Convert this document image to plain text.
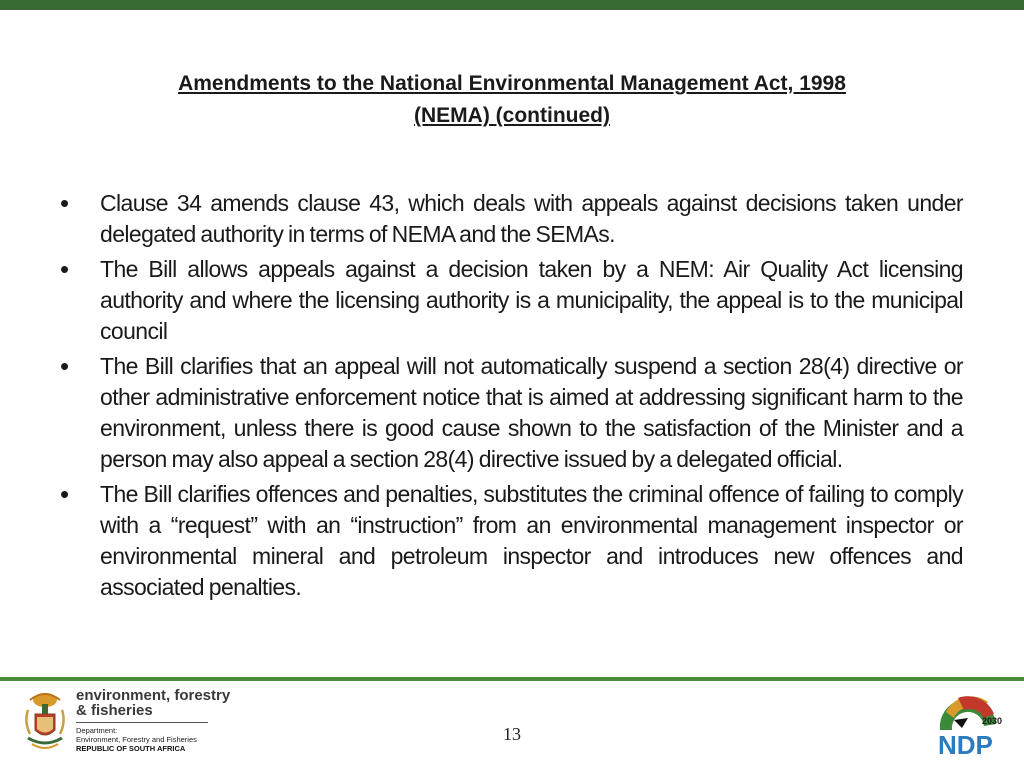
Amendments to the National Environmental Management Act, 1998
(NEMA) (continued)
• Clause 34 amends clause 43, which deals with appeals against decisions taken under delegated authority in terms of NEMA and the SEMAs.
• The Bill allows appeals against a decision taken by a NEM: Air Quality Act licensing authority and where the licensing authority is a municipality, the appeal is to the municipal council
• The Bill clarifies that an appeal will not automatically suspend a section 28(4) directive or other administrative enforcement notice that is aimed at addressing significant harm to the environment, unless there is good cause shown to the satisfaction of the Minister and a person may also appeal a section 28(4) directive issued by a delegated official.
• The Bill clarifies offences and penalties, substitutes the criminal offence of failing to comply with a “request” with an “instruction” from an environmental management inspector or environmental mineral and petroleum inspector and introduces new offences and associated penalties.
environment, forestry
& fisheries
Department:
Environment, Forestry and Fisheries
REPUBLIC OF SOUTH AFRICA
13
2030
NDP
